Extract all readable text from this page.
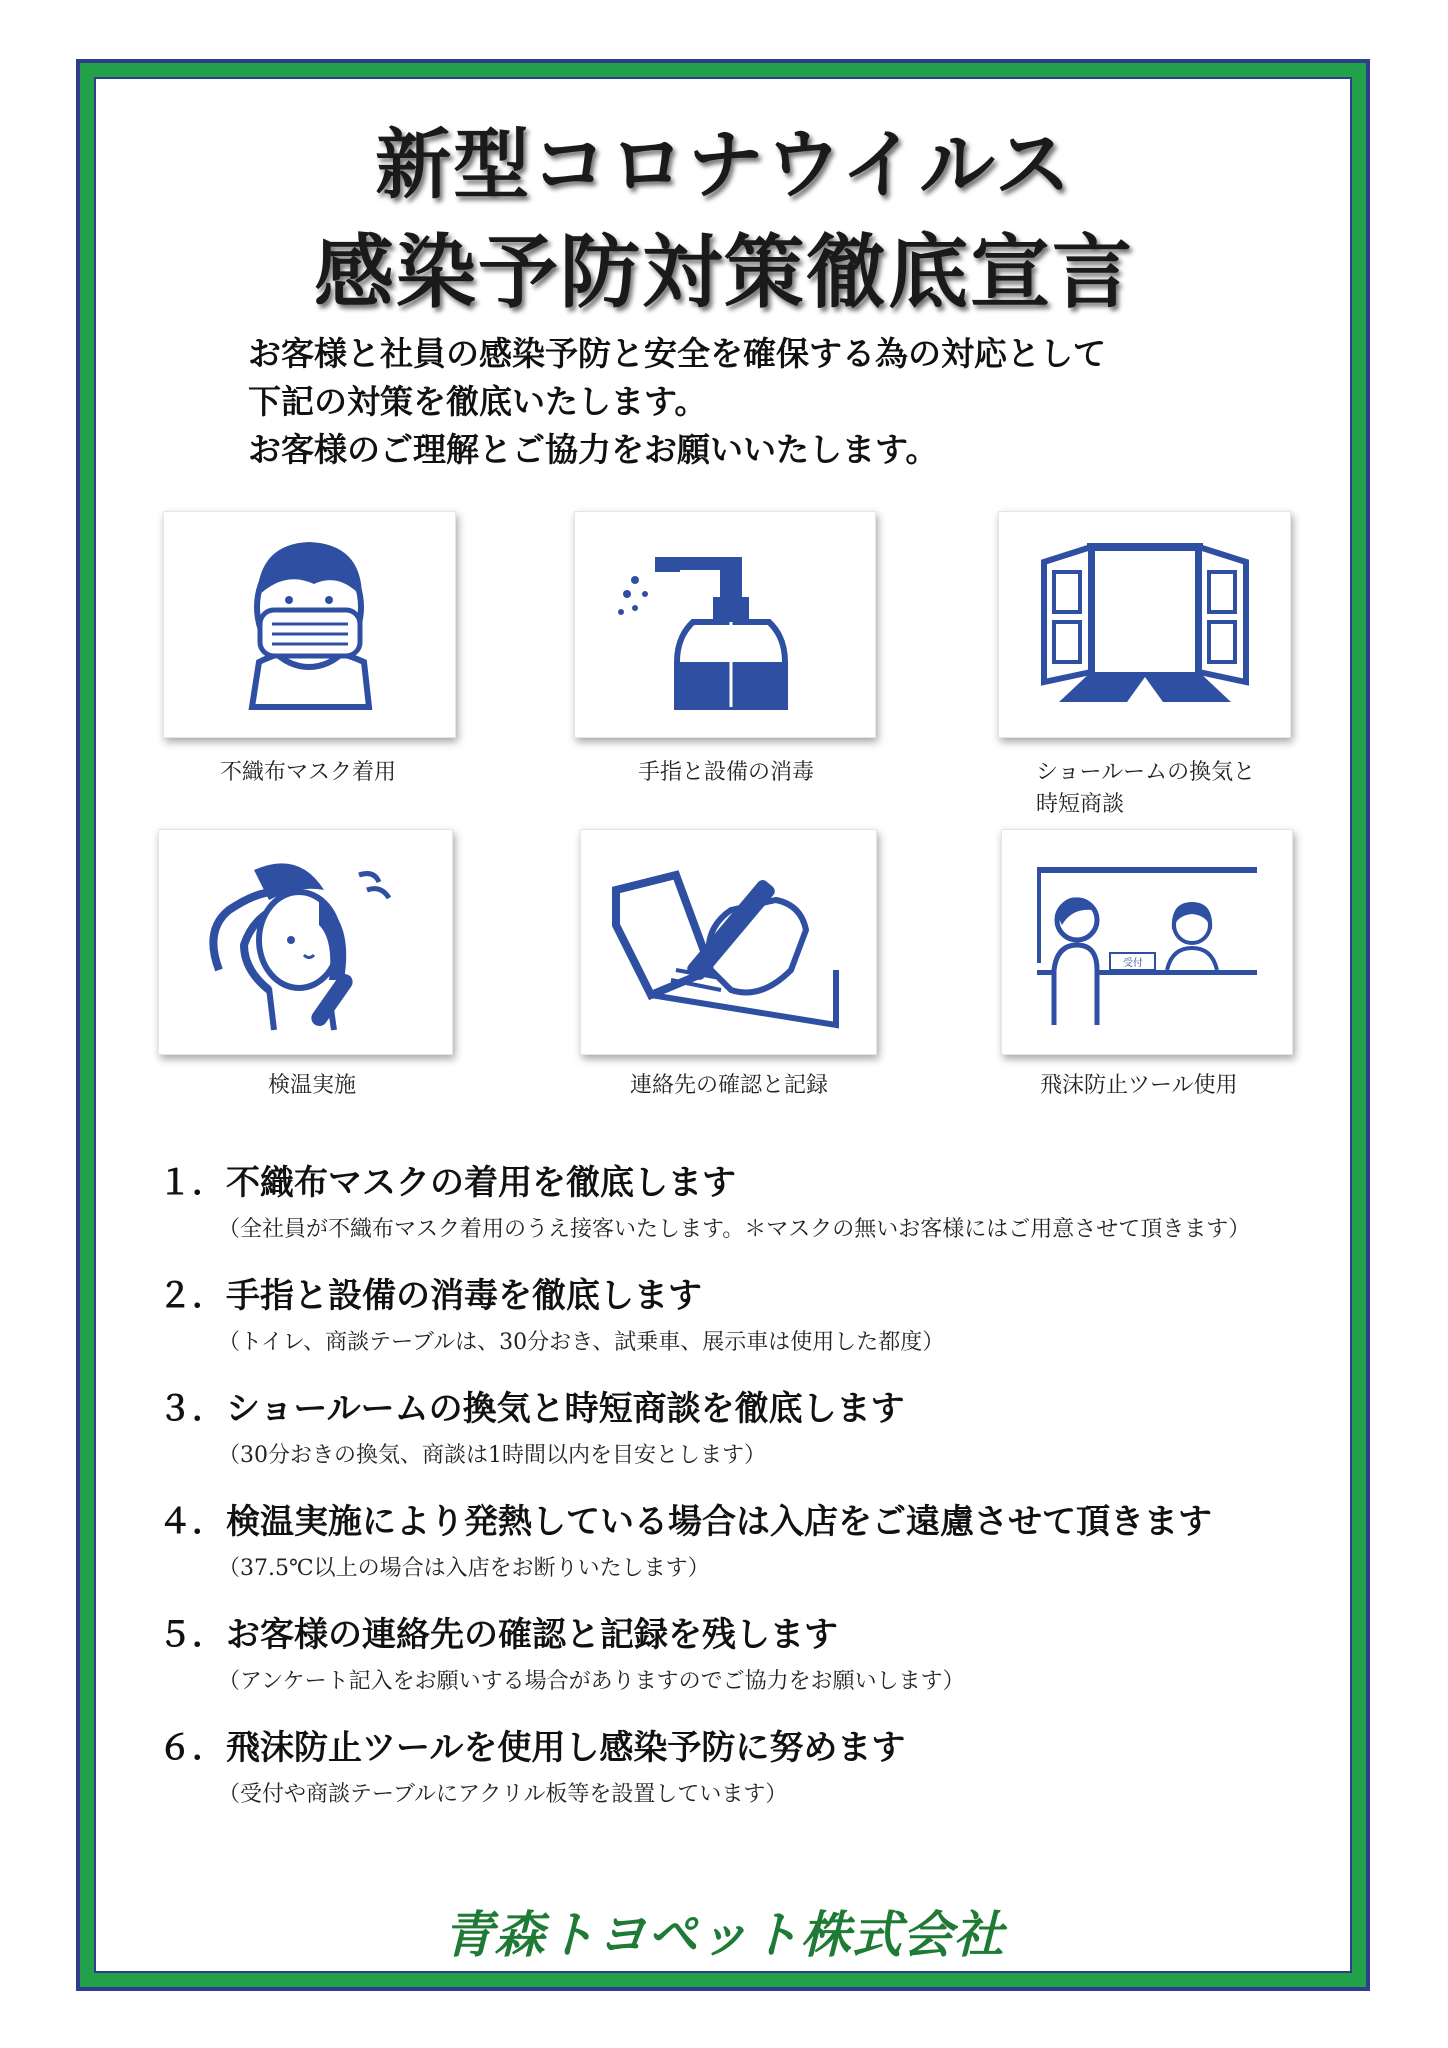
新型コロナウイルス
感染予防対策徹底宣言
お客様と社員の感染予防と安全を確保する為の対応として
下記の対策を徹底いたします。
お客様のご理解とご協力をお願いいたします。
不織布マスク着用	手指と設備の消毒	ショールームの換気と
時短商談
検温実施	連絡先の確認と記録
受付
飛沫防止ツール使用
１．不織布マスクの着用を徹底します
（全社員が不織布マスク着用のうえ接客いたします。＊マスクの無いお客様にはご用意させて頂きます）
２．手指と設備の消毒を徹底します
（トイレ、商談テーブルは、30分おき、試乗車、展示車は使用した都度）
３．ショールームの換気と時短商談を徹底します
（30分おきの換気、商談は1時間以内を目安とします）
４．検温実施により発熱している場合は入店をご遠慮させて頂きます
（37.5℃以上の場合は入店をお断りいたします）
５．お客様の連絡先の確認と記録を残します
（アンケート記入をお願いする場合がありますのでご協力をお願いします）
６．飛沫防止ツールを使用し感染予防に努めます
（受付や商談テーブルにアクリル板等を設置しています）
青森トヨペット株式会社
